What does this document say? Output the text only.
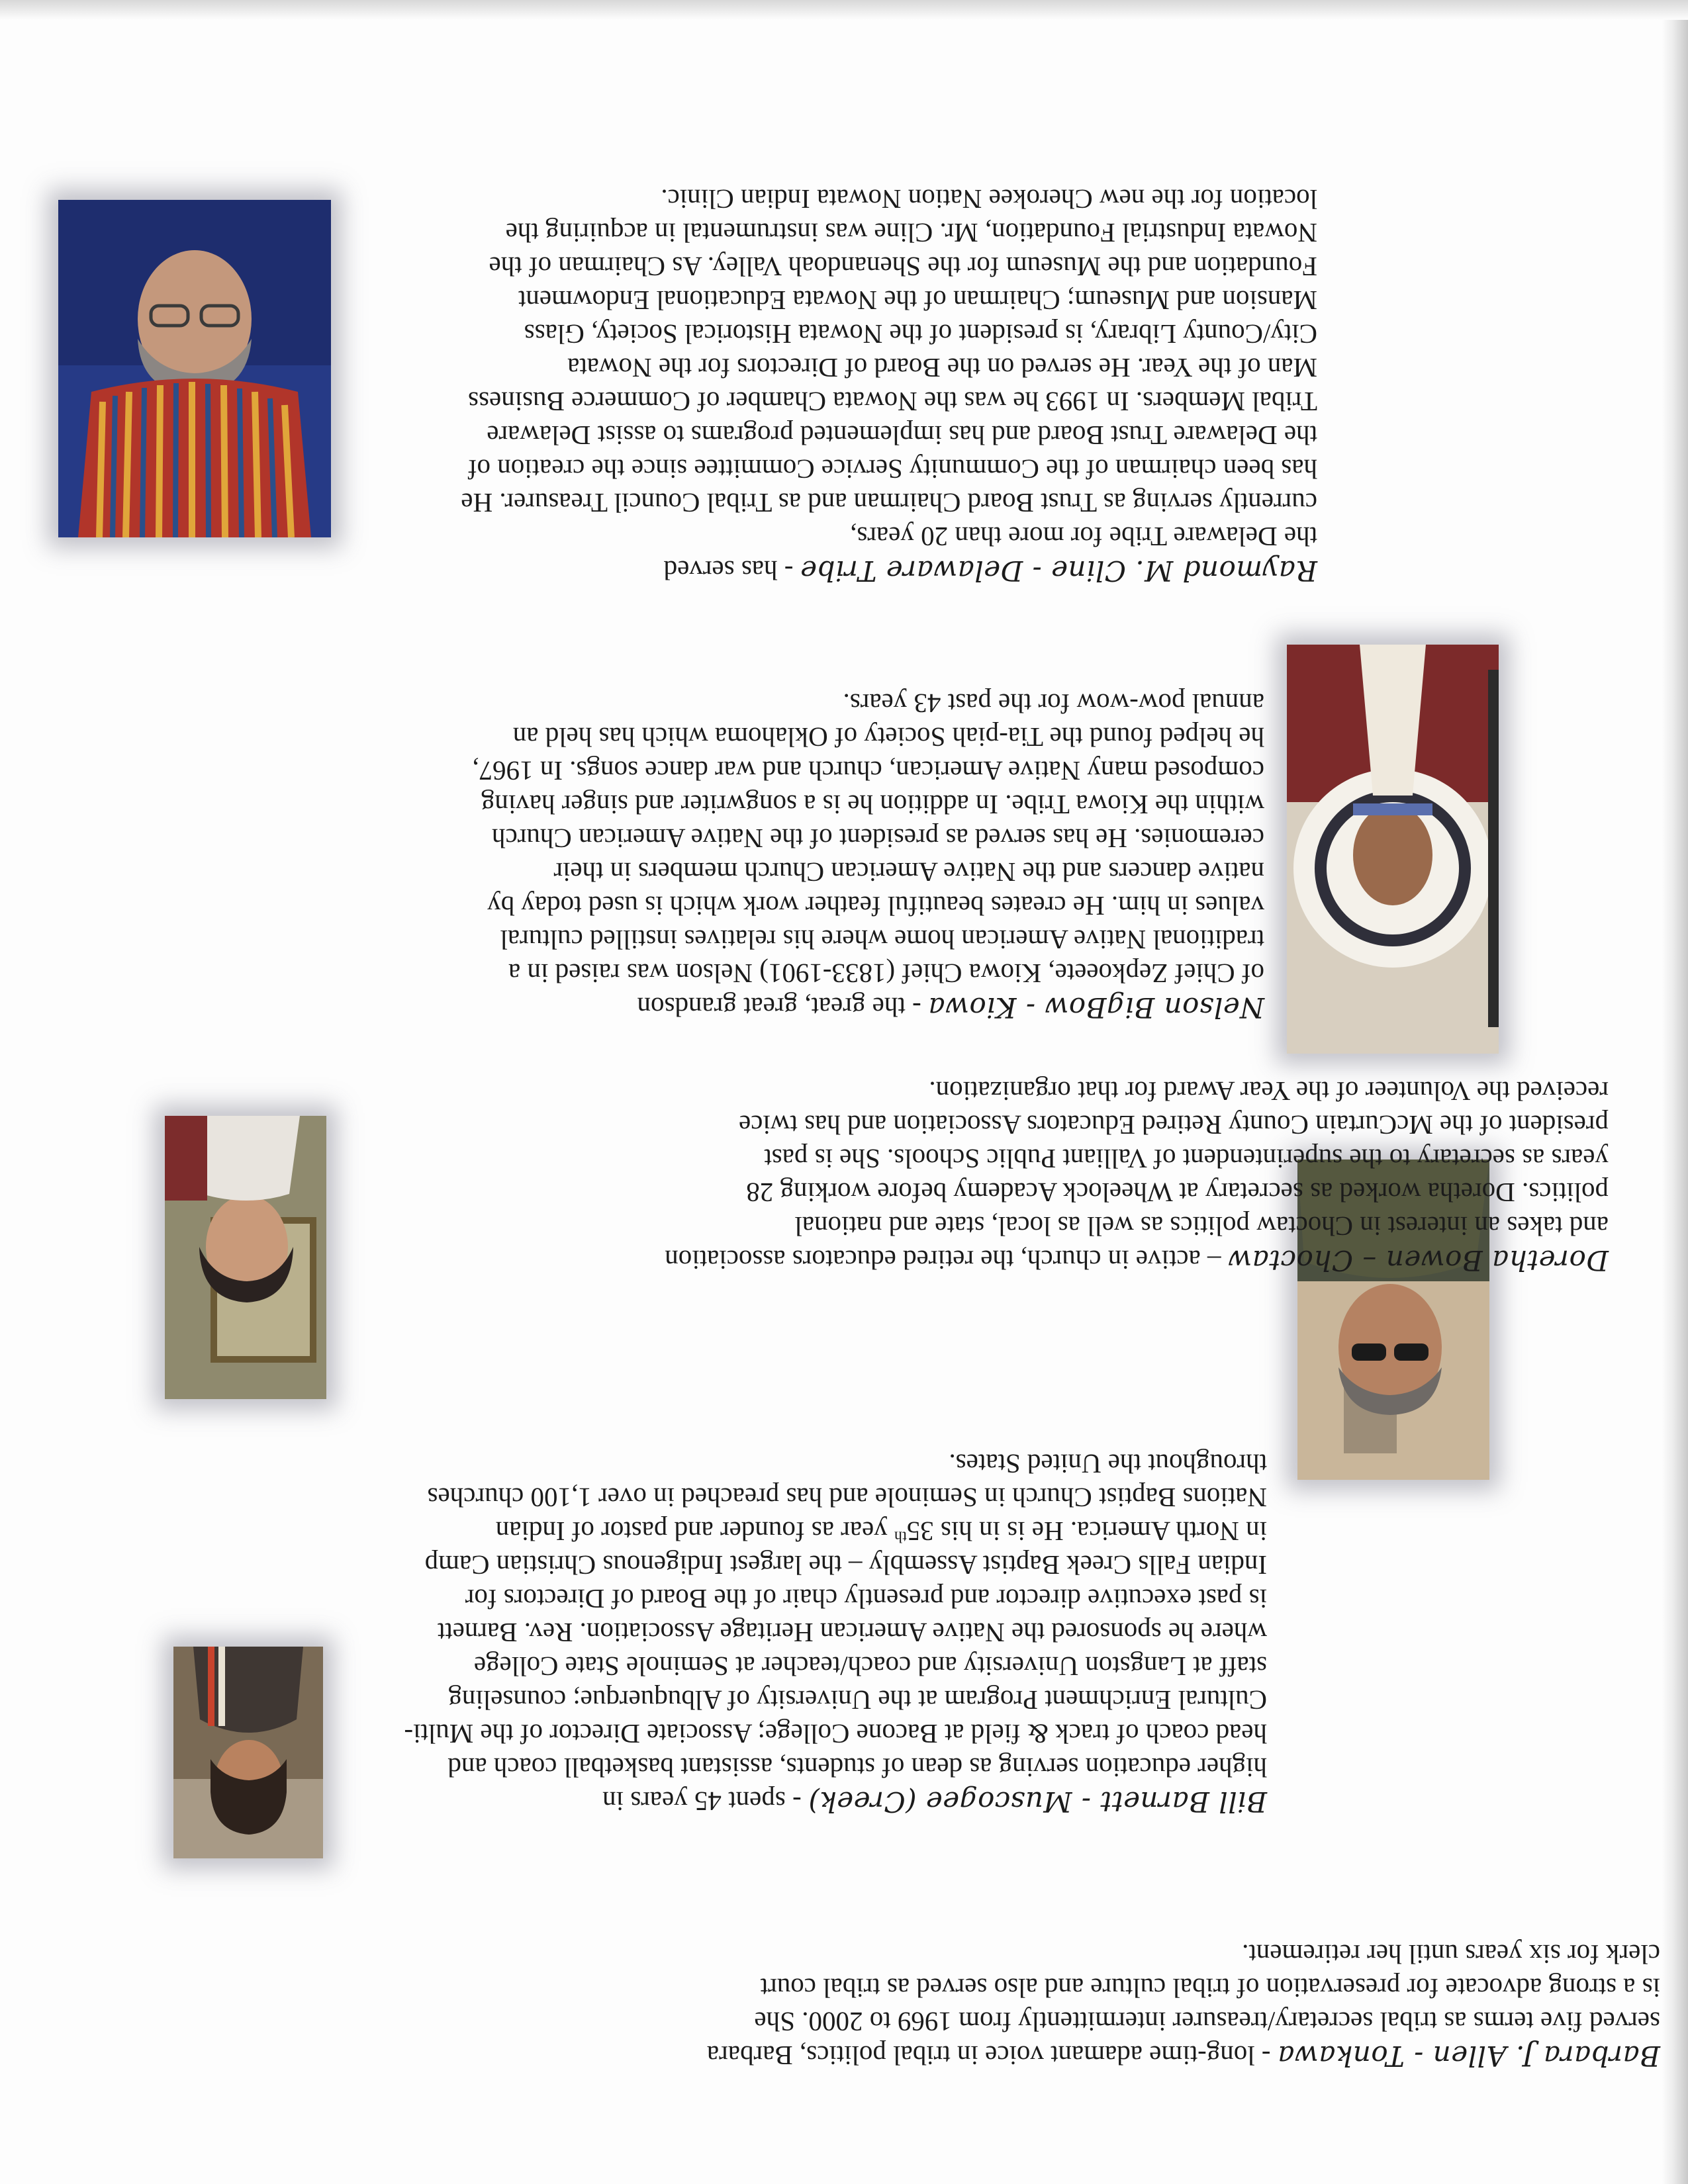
Barbara J. Allen - Tonkawa - long-time adamant voice in tribal politics, Barbara

served five terms as tribal secretary/treasurer intermittently from 1969 to 2000. She

is a strong advocate for preservation of tribal culture and also served as tribal court

clerk for six years until her retirement.

Bill Barnett - Muscogee (Creek) - spent 45 years in

higher education serving as dean of students, assistant basketball coach and

head coach of track & field at Bacone College; Associate Director of the Multi-

Cultural Enrichment Program at the University of Albuquerque; counseling

staff at Langston University and coach/teacher at Seminole State College

where he sponsored the Native American Heritage Association. Rev. Barnett

is past executive director and presently chair of the Board of Directors for

Indian Falls Creek Baptist Assembly – the largest Indigenous Christian Camp

in North America. He is in his 35th year as founder and pastor of Indian

Nations Baptist Church in Seminole and has preached in over 1,100 churches

throughout the United States.

Doretha Bowen – Choctaw – active in church, the retired educators association

and takes an interest in Choctaw politics as well as local, state and national

politics. Doretha worked as secretary at Wheelock Academy before working 28

years as secretary to the superintendent of Valliant Public Schools. She is past

president of the McCurtain County Retired Educators Association and has twice

received the Volunteer of the Year Award for that organization.

Nelson BigBow - Kiowa - the great, great grandson

of Chief Zepkoeete, Kiowa Chief (1833-1901) Nelson was raised in a

traditional Native American home where his relatives instilled cultural

values in him. He creates beautiful feather work which is used today by

native dancers and the Native American Church members in their

ceremonies. He has served as president of the Native American Church

within the Kiowa Tribe. In addition he is a songwriter and singer having

composed many Native American, church and war dance songs. In 1967,

he helped found the Tia-piah Society of Oklahoma which has held an

annual pow-wow for the past 43 years.

Raymond M. Cline - Delaware Tribe - has served

the Delaware Tribe for more than 20 years,

currently serving as Trust Board Chairman and as Tribal Council Treasurer. He

has been chairman of the Community Service Committee since the creation of

the Delaware Trust Board and has implemented programs to assist Delaware

Tribal Members. In 1993 he was the Nowata Chamber of Commerce Business

Man of the Year. He served on the Board of Directors for the Nowata

City/County Library, is president of the Nowata Historical Society, Glass

Mansion and Museum; Chairman of the Nowata Educational Endowment

Foundation and the Museum for the Shenandoah Valley. As Chairman of the

Nowata Industrial Foundation, Mr. Cline was instrumental in acquiring the

location for the new Cherokee Nation Nowata Indian Clinic.
